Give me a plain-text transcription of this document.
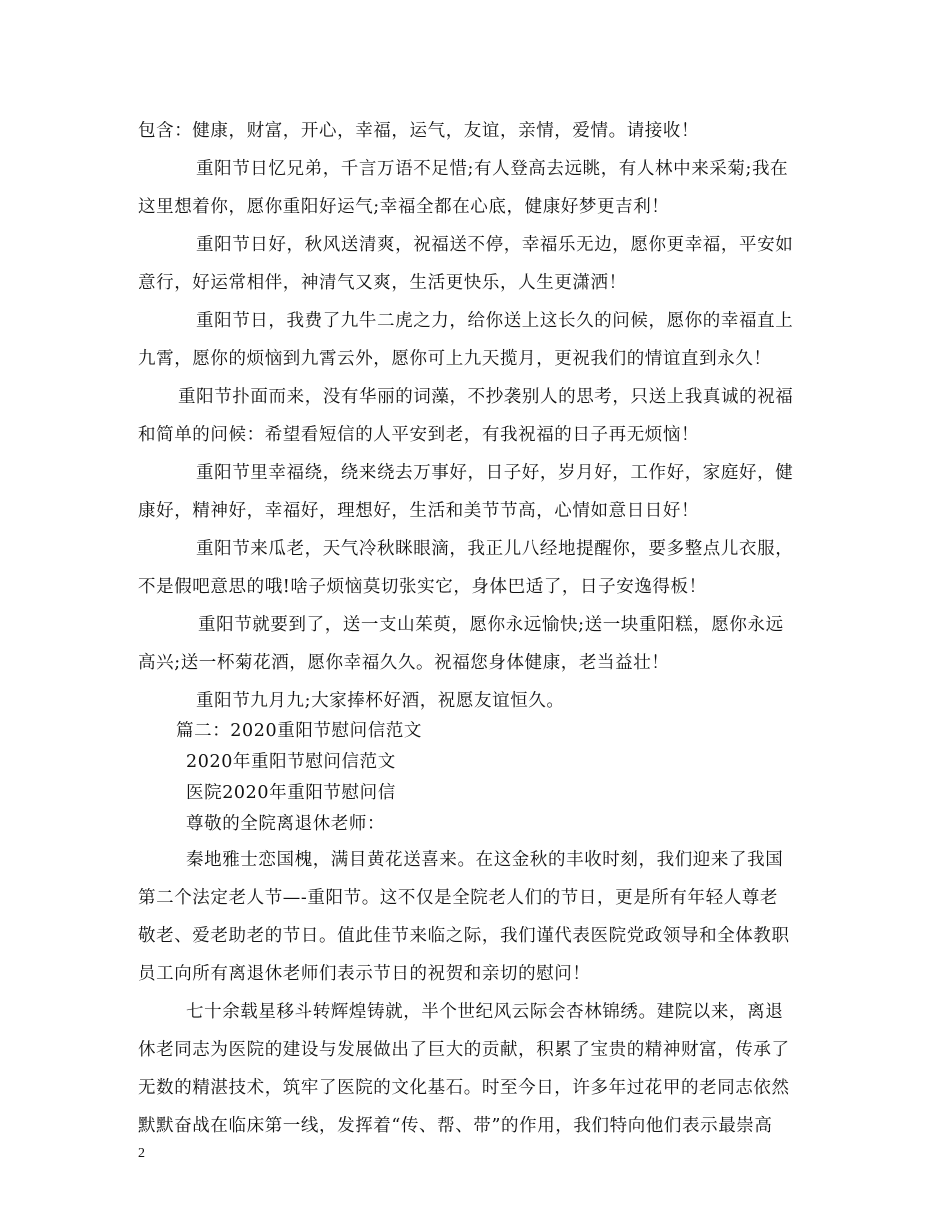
包含：健康，财富，开心，幸福，运气，友谊，亲情，爱情。请接收！
重阳节日忆兄弟，千言万语不足惜;有人登高去远眺，有人林中来采菊;我在
这里想着你，愿你重阳好运气;幸福全都在心底，健康好梦更吉利！
重阳节日好，秋风送清爽，祝福送不停，幸福乐无边，愿你更幸福，平安如
意行，好运常相伴，神清气又爽，生活更快乐，人生更潇洒！
重阳节日，我费了九牛二虎之力，给你送上这长久的问候，愿你的幸福直上
九霄，愿你的烦恼到九霄云外，愿你可上九天揽月，更祝我们的情谊直到永久！
重阳节扑面而来，没有华丽的词藻，不抄袭别人的思考，只送上我真诚的祝福
和简单的问候：希望看短信的人平安到老，有我祝福的日子再无烦恼！
重阳节里幸福绕，绕来绕去万事好，日子好，岁月好，工作好，家庭好，健
康好，精神好，幸福好，理想好，生活和美节节高，心情如意日日好！
重阳节来瓜老，天气冷秋眯眼滴，我正儿八经地提醒你，要多整点儿衣服，
不是假吧意思的哦!啥子烦恼莫切张实它，身体巴适了，日子安逸得板！
重阳节就要到了，送一支山茱萸，愿你永远愉快;送一块重阳糕，愿你永远
高兴;送一杯菊花酒，愿你幸福久久。祝福您身体健康，老当益壮！
重阳节九月九;大家捧杯好酒，祝愿友谊恒久。
篇二：2020重阳节慰问信范文
2020年重阳节慰问信范文
医院2020年重阳节慰问信
尊敬的全院离退休老师：
秦地雅士恋国槐，满目黄花送喜来。在这金秋的丰收时刻，我们迎来了我国
第二个法定老人节—-重阳节。这不仅是全院老人们的节日，更是所有年轻人尊老
敬老、爱老助老的节日。值此佳节来临之际，我们谨代表医院党政领导和全体教职
员工向所有离退休老师们表示节日的祝贺和亲切的慰问！
七十余载星移斗转辉煌铸就，半个世纪风云际会杏林锦绣。建院以来，离退
休老同志为医院的建设与发展做出了巨大的贡献，积累了宝贵的精神财富，传承了
无数的精湛技术，筑牢了医院的文化基石。时至今日，许多年过花甲的老同志依然
默默奋战在临床第一线，发挥着“传、帮、带”的作用，我们特向他们表示最崇高
2
